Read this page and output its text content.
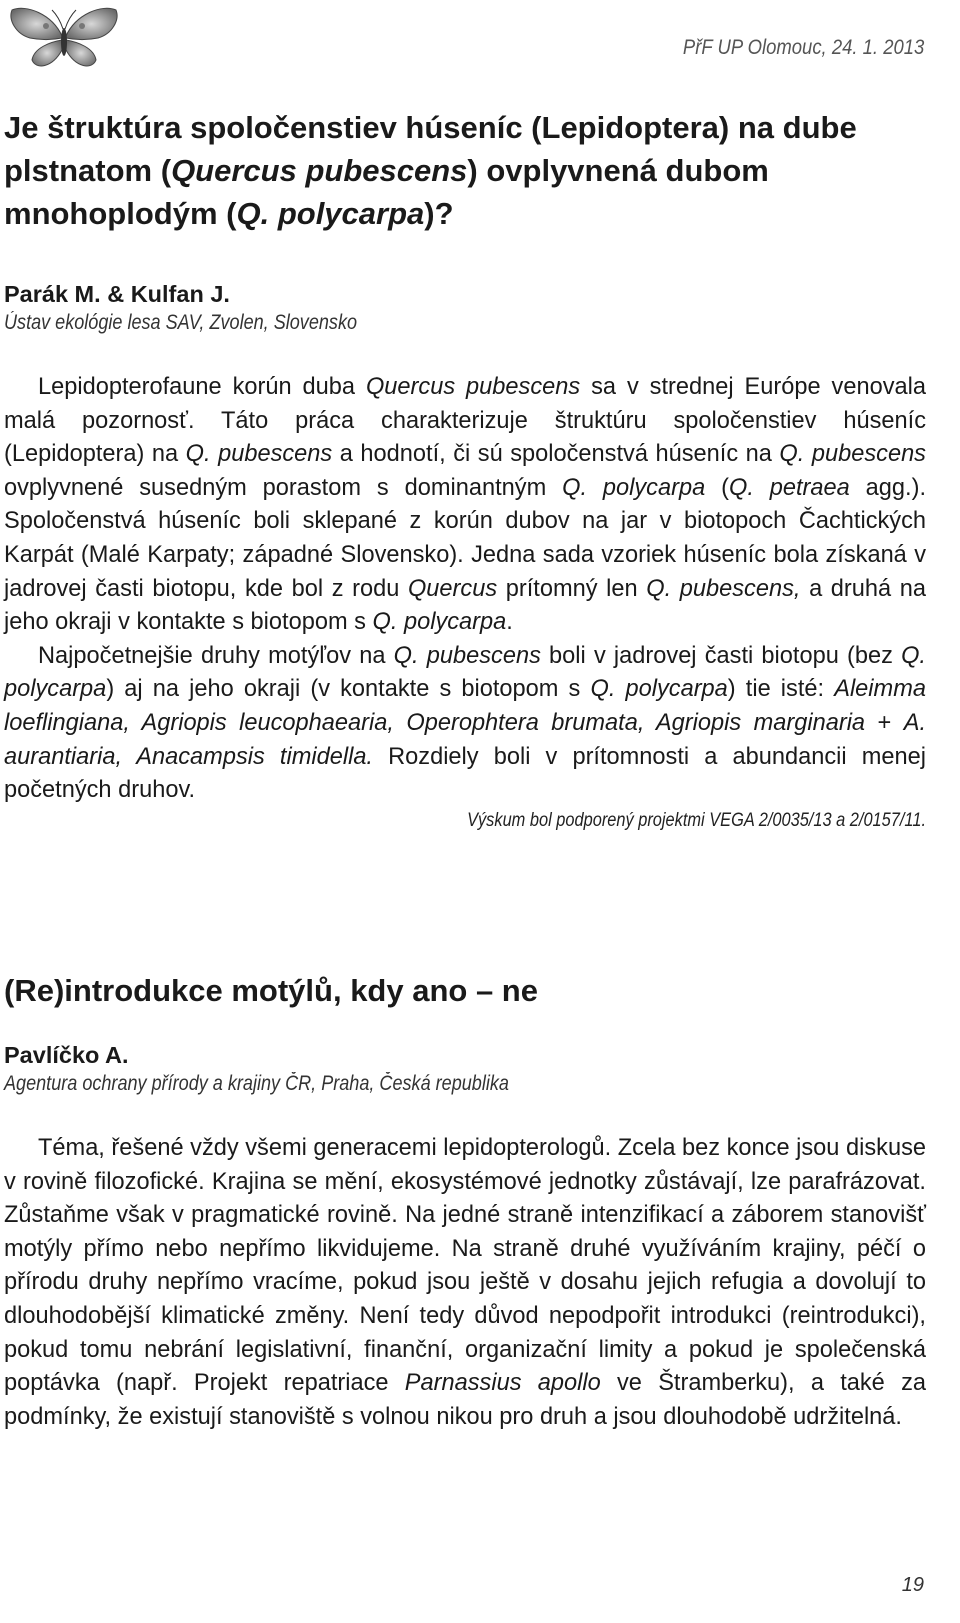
PřF UP Olomouc, 24. 1. 2013
Je štruktúra spoločenstiev húseníc (Lepidoptera) na dube plstnatom (Quercus pubescens) ovplyvnená dubom mnohoplodým (Q. polycarpa)?
Parák M. & Kulfan J.
Ústav ekológie lesa SAV, Zvolen, Slovensko

Lepidopterofaune korún duba Quercus pubescens sa v strednej Európe venovala malá pozornosť. Táto práca charakterizuje štruktúru spoločenstiev húseníc (Lepidoptera) na Q. pubescens a hodnotí, či sú spoločenstvá húseníc na Q. pubescens ovplyvnené susedným porastom s dominantným Q. polycarpa (Q. petraea agg.). Spoločenstvá húseníc boli sklepané z korún dubov na jar v biotopoch Čachtických Karpát (Malé Karpaty; západné Slovensko). Jedna sada vzoriek húseníc bola získaná v jadrovej časti biotopu, kde bol z rodu Quercus prítomný len Q. pubescens, a druhá na jeho okraji v kontakte s biotopom s Q. polycarpa.
Najpočetnejšie druhy motýľov na Q. pubescens boli v jadrovej časti biotopu (bez Q. polycarpa) aj na jeho okraji (v kontakte s biotopom s Q. polycarpa) tie isté: Aleimma loeflingiana, Agriopis leucophaearia, Operophtera brumata, Agriopis marginaria + A. aurantiaria, Anacampsis timidella. Rozdiely boli v prítomnosti a abundancii menej početných druhov.

Výskum bol podporený projektmi VEGA 2/0035/13 a 2/0157/11.
(Re)introdukce motýlů, kdy ano – ne
Pavlíčko A.
Agentura ochrany přírody a krajiny ČR, Praha, Česká republika

Téma, řešené vždy všemi generacemi lepidopterologů. Zcela bez konce jsou diskuse v rovině filozofické. Krajina se mění, ekosystémové jednotky zůstávají, lze parafrázovat. Zůstaňme však v pragmatické rovině. Na jedné straně intenzifikací a záborem stanovišť motýly přímo nebo nepřímo likvidujeme. Na straně druhé využíváním krajiny, péčí o přírodu druhy nepřímo vracíme, pokud jsou ještě v dosahu jejich refugia a dovolují to dlouhodobější klimatické změny. Není tedy důvod nepodpořit introdukci (reintrodukci), pokud tomu nebrání legislativní, finanční, organizační limity a pokud je společenská poptávka (např. Projekt repatriace Parnassius apollo ve Štramberku), a také za podmínky, že existují stanoviště s volnou nikou pro druh a jsou dlouhodobě udržitelná.

19
